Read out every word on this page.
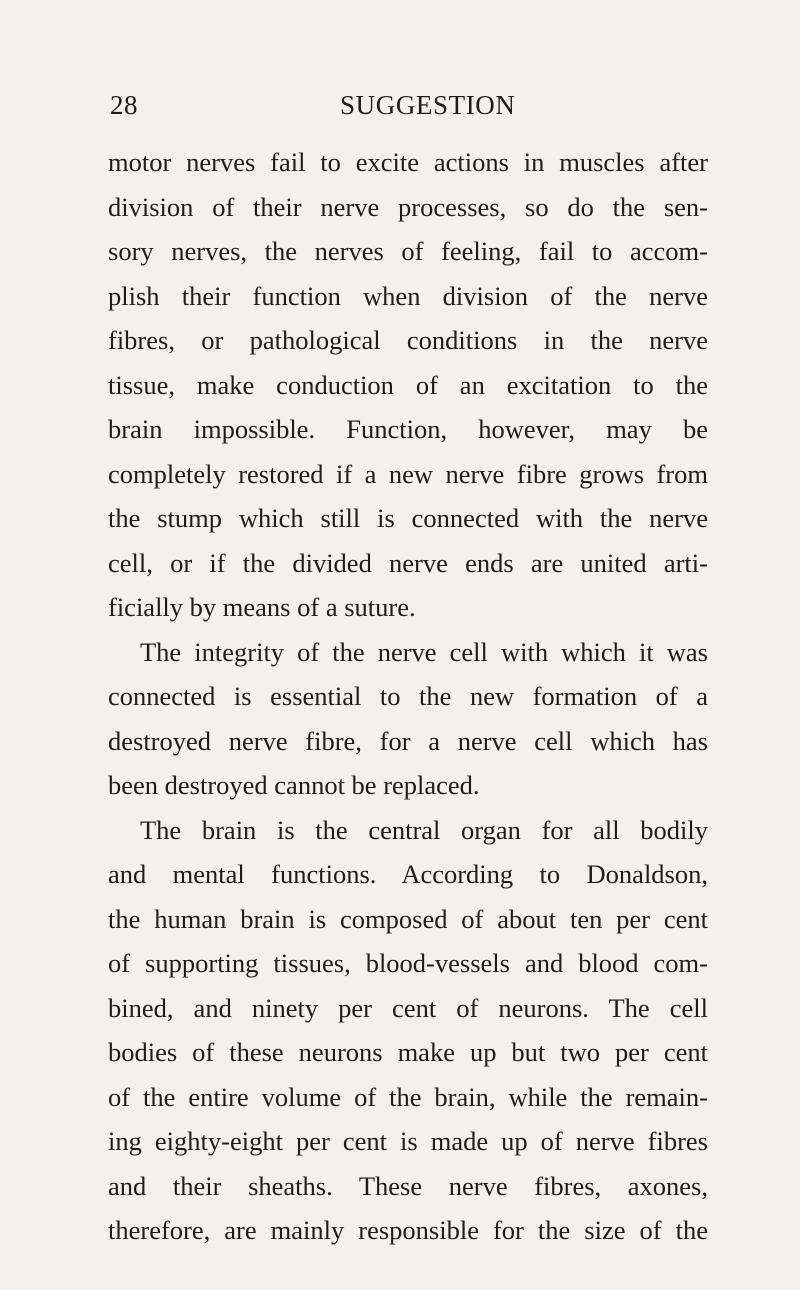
28	SUGGESTION
motor nerves fail to excite actions in muscles after
division of their nerve processes, so do the sen-
sory nerves, the nerves of feeling, fail to accom-
plish their function when division of the nerve
fibres, or pathological conditions in the nerve
tissue, make conduction of an excitation to the
brain impossible. Function, however, may be
completely restored if a new nerve fibre grows from
the stump which still is connected with the nerve
cell, or if the divided nerve ends are united arti-
ficially by means of a suture.
The integrity of the nerve cell with which it was
connected is essential to the new formation of a
destroyed nerve fibre, for a nerve cell which has
been destroyed cannot be replaced.
The brain is the central organ for all bodily
and mental functions. According to Donaldson,
the human brain is composed of about ten per cent
of supporting tissues, blood-vessels and blood com-
bined, and ninety per cent of neurons. The cell
bodies of these neurons make up but two per cent
of the entire volume of the brain, while the remain-
ing eighty-eight per cent is made up of nerve fibres
and their sheaths. These nerve fibres, axones,
therefore, are mainly responsible for the size of the
